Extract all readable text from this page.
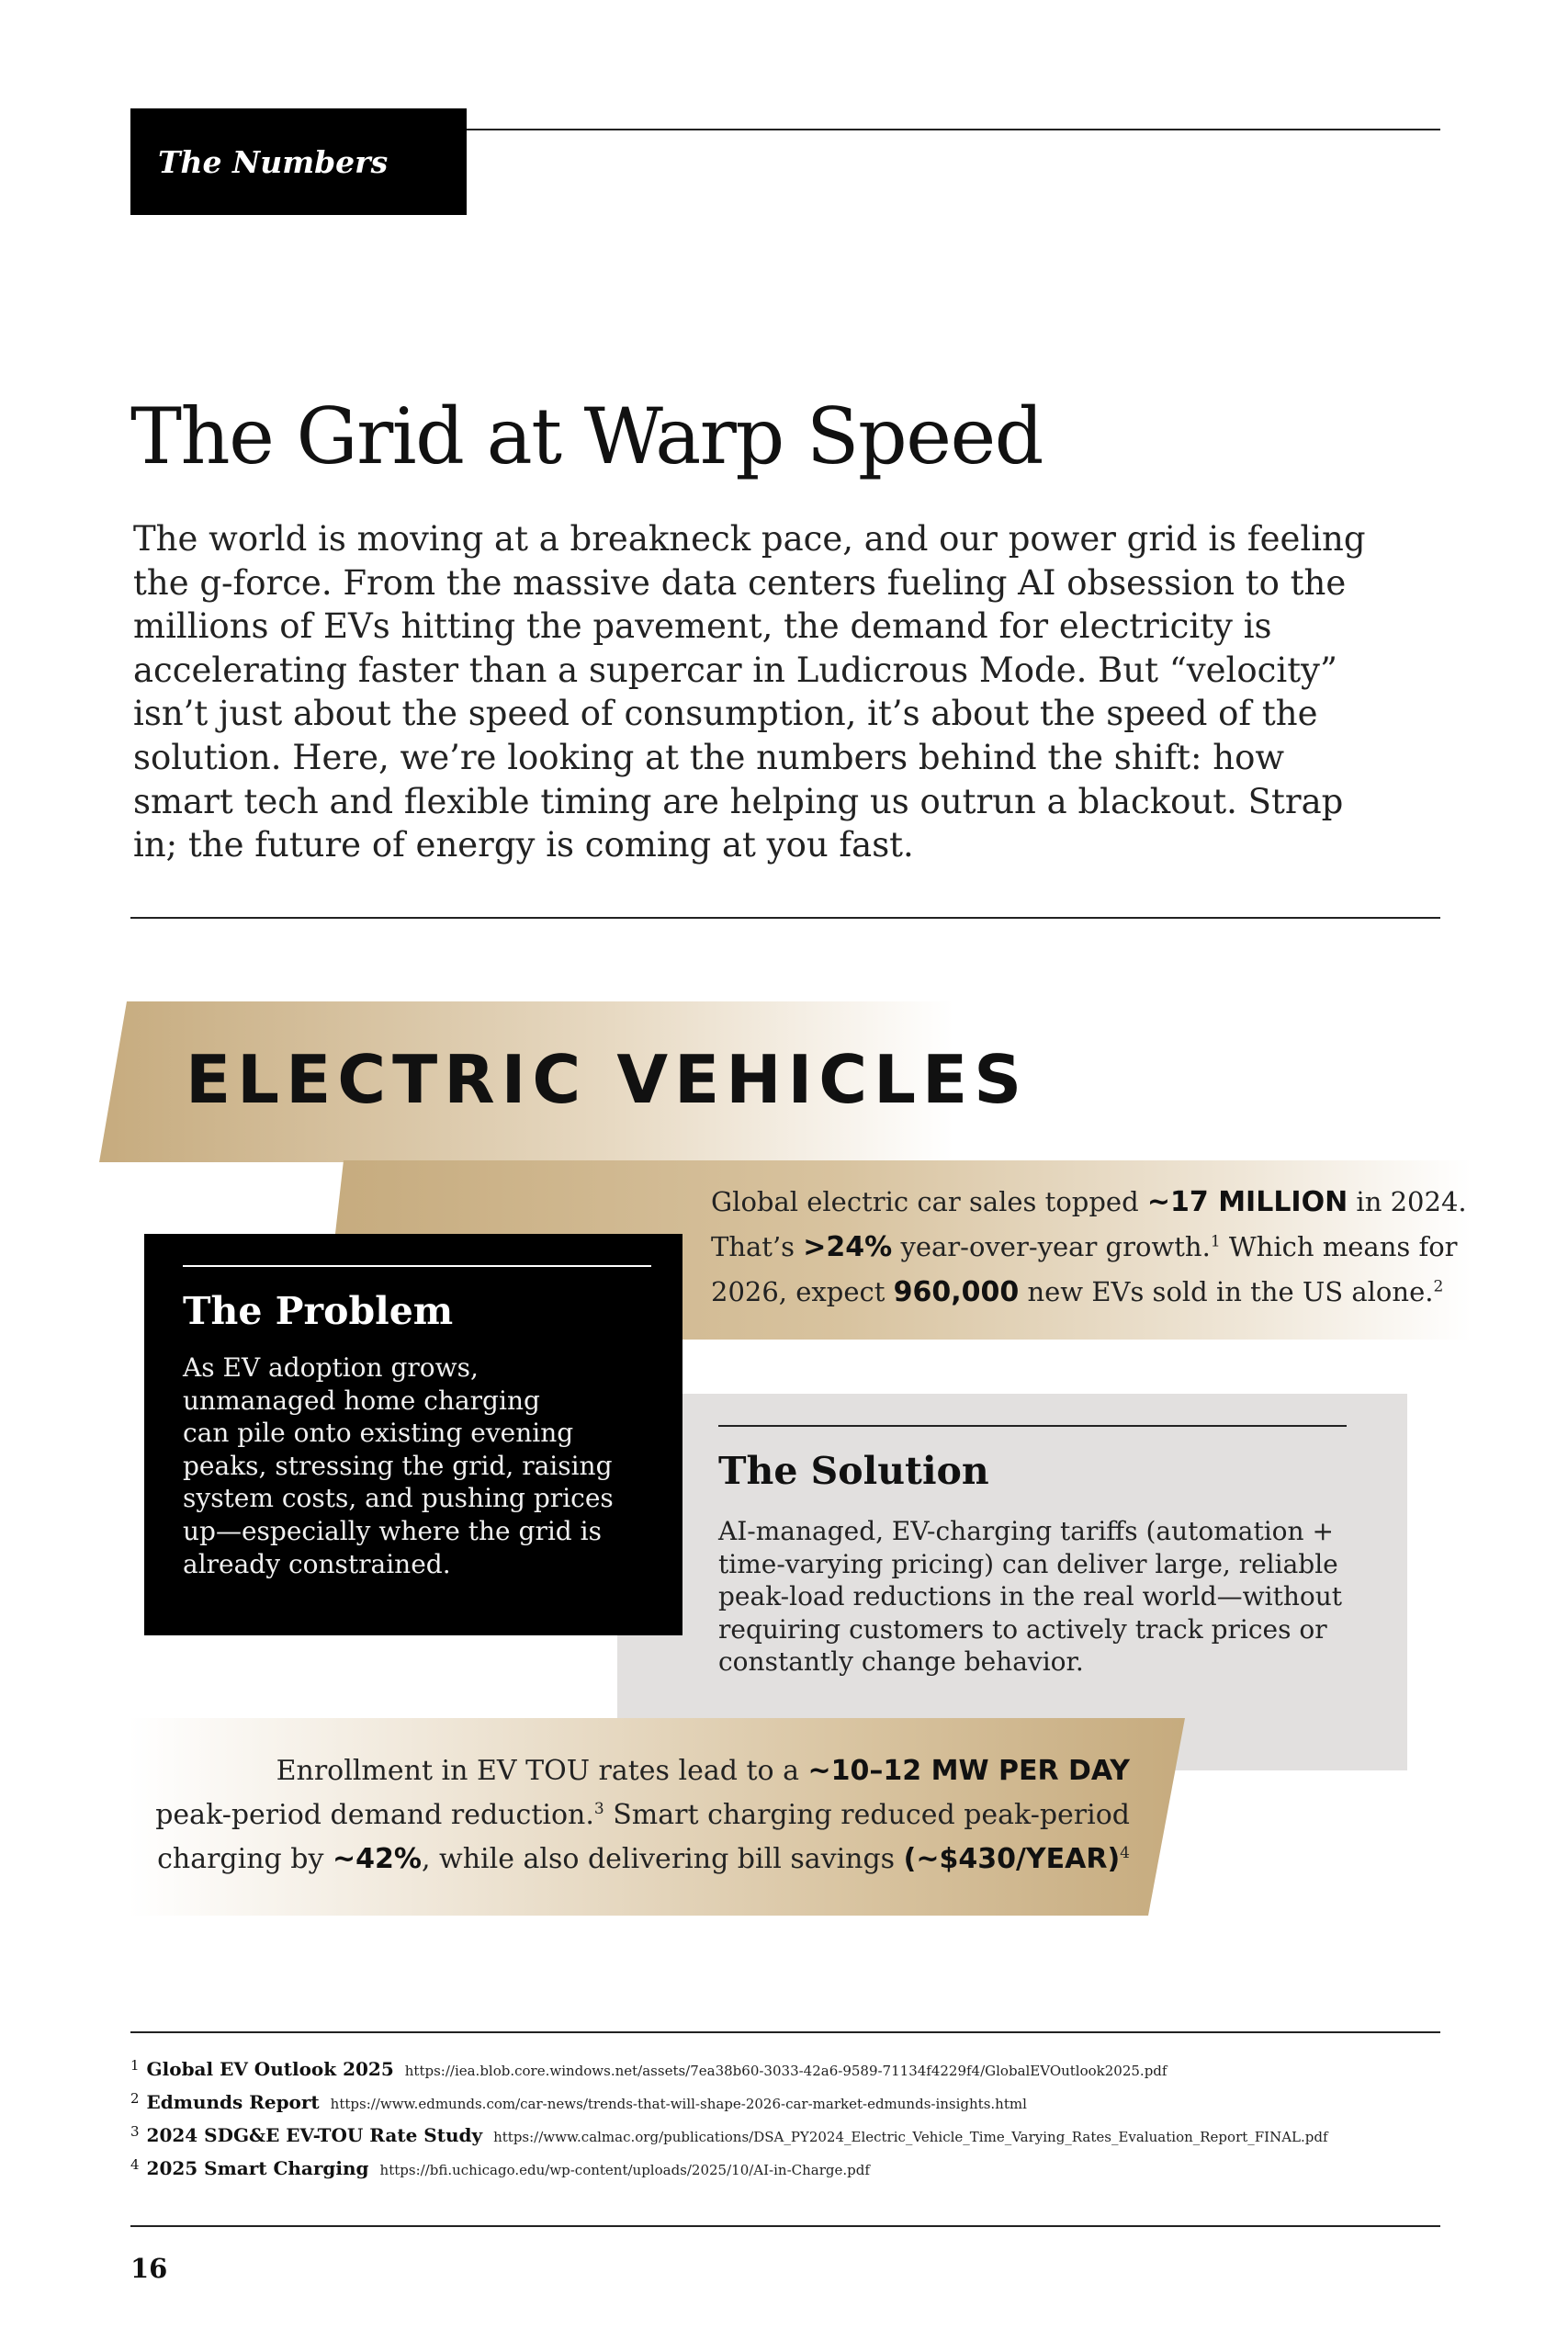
The Numbers
The Grid at Warp Speed
The world is moving at a breakneck pace, and our power grid is feeling
the g-force. From the massive data centers fueling AI obsession to the
millions of EVs hitting the pavement, the demand for electricity is
accelerating faster than a supercar in Ludicrous Mode. But “velocity”
isn’t just about the speed of consumption, it’s about the speed of the
solution. Here, we’re looking at the numbers behind the shift: how
smart tech and flexible timing are helping us outrun a blackout. Strap
in; the future of energy is coming at you fast.
ELECTRIC VEHICLES
Global electric car sales topped ~17 MILLION in 2024.
That’s >24% year-over-year growth.$^1$ Which means for
2026, expect 960,000 new EVs sold in the US alone.$^2$
The Solution
AI-managed, EV-charging tariffs (automation +
time-varying pricing) can deliver large, reliable
peak-load reductions in the real world—without
requiring customers to actively track prices or
constantly change behavior.
The Problem
As EV adoption grows,
unmanaged home charging
can pile onto existing evening
peaks, stressing the grid, raising
system costs, and pushing prices
up—especially where the grid is
already constrained.
Enrollment in EV TOU rates lead to a ~10–12 MW PER DAY
peak-period demand reduction.$^3$ Smart charging reduced peak-period
charging by ~42%, while also delivering bill savings (~$430/YEAR)$^4$
1 Global EV Outlook 2025 https://iea.blob.core.windows.net/assets/7ea38b60-3033-42a6-9589-71134f4229f4/GlobalEVOutlook2025.pdf
2 Edmunds Report https://www.edmunds.com/car-news/trends-that-will-shape-2026-car-market-edmunds-insights.html
3 2024 SDG&E EV-TOU Rate Study https://www.calmac.org/publications/DSA_PY2024_Electric_Vehicle_Time_Varying_Rates_Evaluation_Report_FINAL.pdf
4 2025 Smart Charging https://bfi.uchicago.edu/wp-content/uploads/2025/10/AI-in-Charge.pdf
16
